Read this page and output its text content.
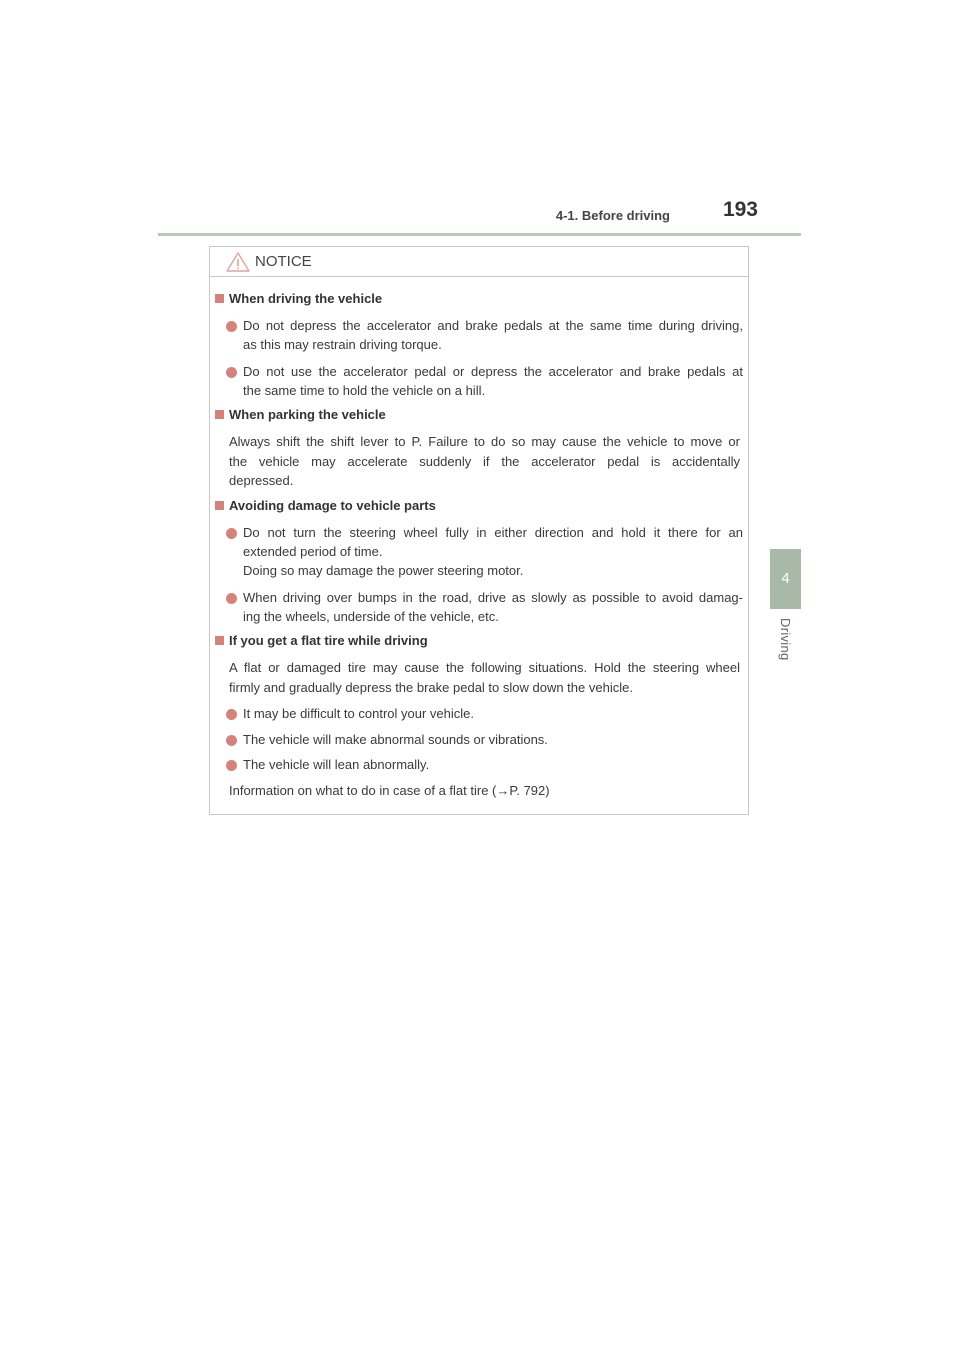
4-1. Before driving	193
4
Driving
NOTICE
When driving the vehicle
Do not depress the accelerator and brake pedals at the same time during driving,
as this may restrain driving torque.
Do not use the accelerator pedal or depress the accelerator and brake pedals at
the same time to hold the vehicle on a hill.
When parking the vehicle
Always shift the shift lever to P. Failure to do so may cause the vehicle to move or
the vehicle may accelerate suddenly if the accelerator pedal is accidentally
depressed.
Avoiding damage to vehicle parts
Do not turn the steering wheel fully in either direction and hold it there for an
extended period of time.
Doing so may damage the power steering motor.
When driving over bumps in the road, drive as slowly as possible to avoid damag-
ing the wheels, underside of the vehicle, etc.
If you get a flat tire while driving
A flat or damaged tire may cause the following situations. Hold the steering wheel
firmly and gradually depress the brake pedal to slow down the vehicle.
It may be difficult to control your vehicle.
The vehicle will make abnormal sounds or vibrations.
The vehicle will lean abnormally.
Information on what to do in case of a flat tire (→P. 792)
